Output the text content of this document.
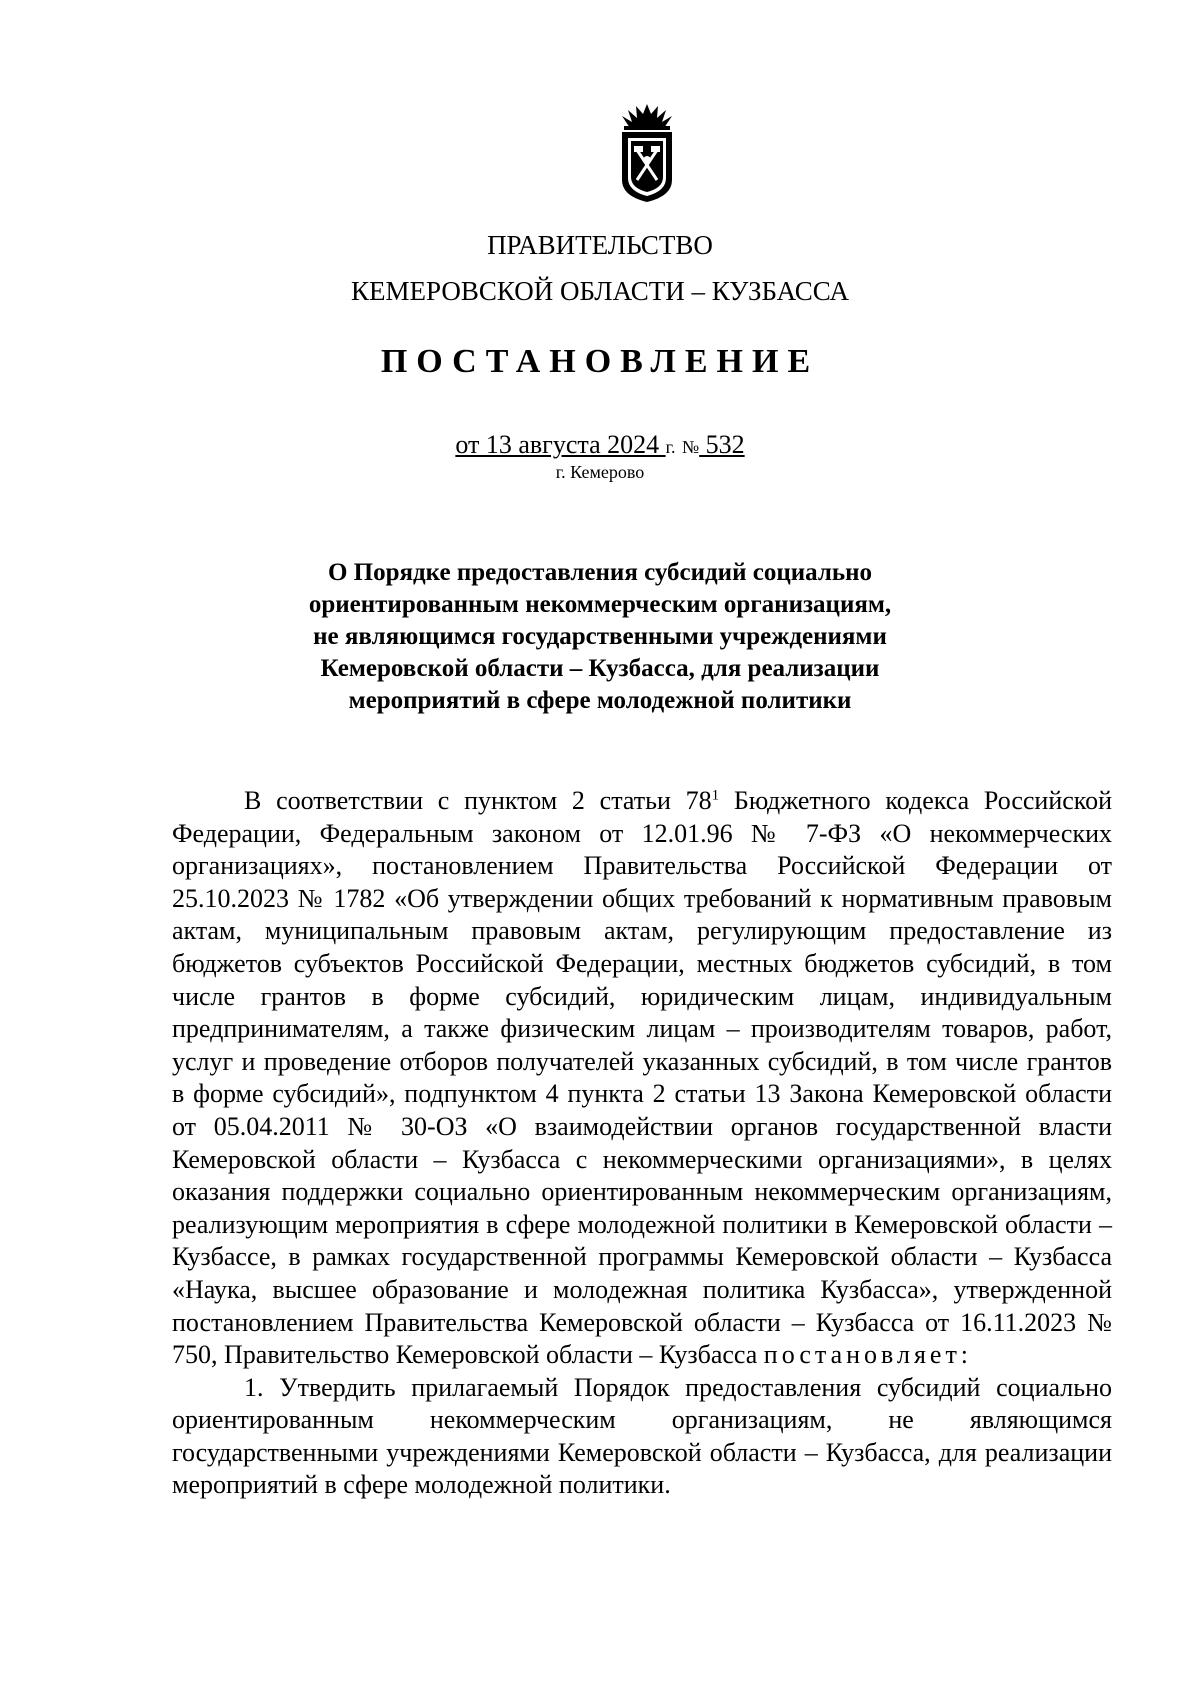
ПРАВИТЕЛЬСТВО
КЕМЕРОВСКОЙ ОБЛАСТИ – КУЗБАССА
ПОСТАНОВЛЕНИЕ
от 13 августа 2024 г. № 532
г. Кемерово
О Порядке предоставления субсидий социально
ориентированным некоммерческим организациям,
не являющимся государственными учреждениями
Кемеровской области – Кузбасса, для реализации
мероприятий в сфере молодежной политики

В соответствии с пунктом 2 статьи $78^1$ Бюджетного кодекса Российской Федерации, Федеральным законом от 12.01.96 № 7-ФЗ «О некоммерческих организациях», постановлением Правительства Российской Федерации от 25.10.2023 № 1782 «Об утверждении общих требований к нормативным правовым актам, муниципальным правовым актам, регулирующим предоставление из бюджетов субъектов Российской Федерации, местных бюджетов субсидий, в том числе грантов в форме субсидий, юридическим лицам, индивидуальным предпринимателям, а также физическим лицам – производителям товаров, работ, услуг и проведение отборов получателей указанных субсидий, в том числе грантов в форме субсидий», подпунктом 4 пункта 2 статьи 13 Закона Кемеровской области от 05.04.2011 № 30-ОЗ «О взаимодействии органов государственной власти Кемеровской области – Кузбасса с некоммерческими организациями», в целях оказания поддержки социально ориентированным некоммерческим организациям, реализующим мероприятия в сфере молодежной политики в Кемеровской области – Кузбассе, в рамках государственной программы Кемеровской области – Кузбасса «Наука, высшее образование и молодежная политика Кузбасса», утвержденной постановлением Правительства Кемеровской области – Кузбасса от 16.11.2023 № 750, Правительство Кемеровской области – Кузбасса постановляет:

1. Утвердить прилагаемый Порядок предоставления субсидий социально ориентированным некоммерческим организациям, не являющимся государственными учреждениями Кемеровской области – Кузбасса, для реализации мероприятий в сфере молодежной политики.
